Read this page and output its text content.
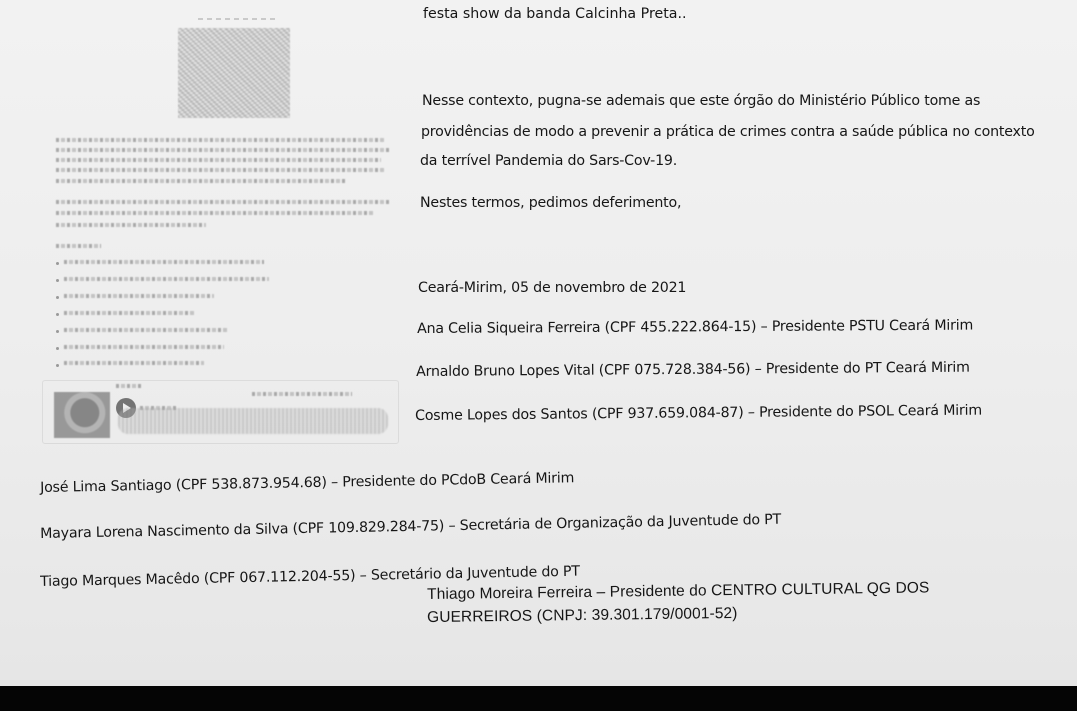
festa show da banda Calcinha Preta..
Nesse contexto, pugna-se ademais que este órgão do Ministério Público tome as
providências de modo a prevenir a prática de crimes contra a saúde pública no contexto
da terrível Pandemia do Sars-Cov-19.
Nestes termos, pedimos deferimento,
Ceará-Mirim, 05 de novembro de 2021
Ana Celia Siqueira Ferreira (CPF 455.222.864-15) – Presidente PSTU Ceará Mirim
Arnaldo Bruno Lopes Vital (CPF 075.728.384-56) – Presidente do PT Ceará Mirim
Cosme Lopes dos Santos (CPF 937.659.084-87) – Presidente do PSOL Ceará Mirim
José Lima Santiago (CPF 538.873.954.68) – Presidente do PCdoB Ceará Mirim
Mayara Lorena Nascimento da Silva (CPF 109.829.284-75) – Secretária de Organização da Juventude do PT
Tiago Marques Macêdo (CPF 067.112.204-55) – Secretário da Juventude do PT
Thiago Moreira Ferreira – Presidente do CENTRO CULTURAL QG DOS
GUERREIROS (CNPJ: 39.301.179/0001-52)
